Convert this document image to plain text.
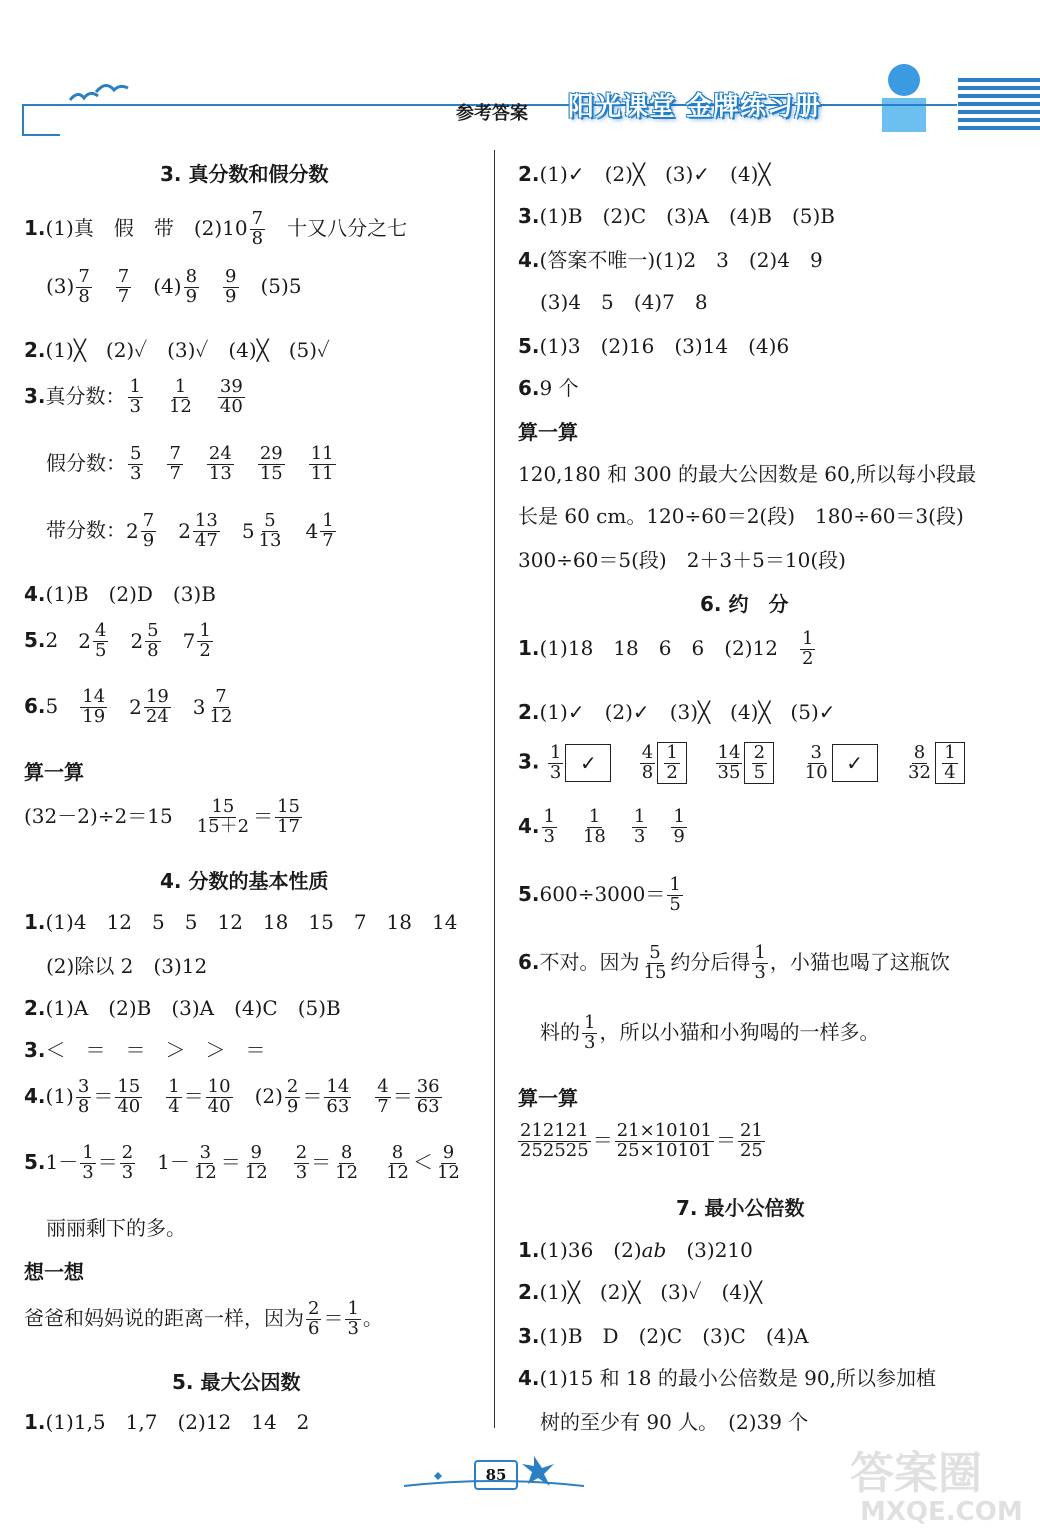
参考答案 阳光课堂 金牌练习册
3. 真分数和假分数
1.(1)真　假　带　$(2)10 \frac{7}{8}$ 　十又八分之七
$(3) \frac{7}{8}$
　 $\frac{7}{7}$
　 $(4) \frac{8}{9}$
　 $\frac{9}{9}$
　 (5)5
2.(1)╳　(2)✓　(3)✓　(4)╳　(5)✓
3.真分数： $\frac{1}{3}$
　 $\frac{1}{12}$
　 $\frac{39}{40}$
假分数： $\frac{5}{3}$
　 $\frac{7}{7}$
　 $\frac{24}{13}$
　 $\frac{29}{15}$
　 $\frac{11}{11}$
带分数： $2 \frac{7}{9}$
　 $2 \frac{13}{47}$
　 $5 \frac{5}{13}$
　 $4 \frac{1}{7}$
4.(1)B　(2)D　(3)B
5.2　 $2 \frac{4}{5}$
　 $2 \frac{5}{8}$
　 $7 \frac{1}{2}$
6.5　 $\frac{14}{19}$
　 $2 \frac{19}{24}$
　 $3 \frac{7}{12}$
算一算
(32－2)÷2＝15　 $\frac{15}{15+2} = \frac{15}{17}$
4. 分数的基本性质
1.(1)4　12　5　5　12　18　15　7　18　14
(2)除以 2　(3)12
2.(1)A　(2)B　(3)A　(4)C　(5)B
3.＜　＝　＝　＞　＞　＝
$4.(1) \frac{3}{8} = \frac{15}{40}$
　 $\frac{1}{4} = \frac{10}{40}$
　 $(2) \frac{2}{9} = \frac{14}{63}$
　 $\frac{4}{7} = \frac{36}{63}$
$5.1- \frac{1}{3} = \frac{2}{3}$
　 $1- \frac{3}{12} = \frac{9}{12}$
　 $\frac{2}{3} = \frac{8}{12}$
　 $\frac{8}{12} < \frac{9}{12}$
丽丽剩下的多。
想一想
爸爸和妈妈说的距离一样，因为 $\frac{2}{6} = \frac{1}{3}$ 。
5. 最大公因数
1.(1)1,5　1,7　(2)12　14　2
2.(1)✓　(2)╳　(3)✓　(4)╳
3.(1)B　(2)C　(3)A　(4)B　(5)B
4.(答案不唯一)(1)2　3　(2)4　9
(3)4　5　(4)7　8
5.(1)3　(2)16　(3)14　(4)6
6.9 个
算一算
120,180 和 300 的最大公因数是 60,所以每小段最
长是 60 cm。120÷60＝2(段)　180÷60＝3(段)
300÷60＝5(段)　2＋3＋5＝10(段)
6. 约　分
1.(1)18　18　6　6　(2)12　 $\frac{1}{2}$
2.(1)✓　(2)✓　(3)╳　(4)╳　(5)✓
3. $\frac{1}{3}$ ✓ 　 $\frac{4}{8} \frac{1}{2}$
　 $\frac{14}{35} \frac{2}{5}$
　 $\frac{3}{10}$ ✓ 　 $\frac{8}{32} \frac{1}{4}$
4. $\frac{1}{3}$
　 $\frac{1}{18}$
　 $\frac{1}{3}$
　 $\frac{1}{9}$
$5.600\div 3000= \frac{1}{5}$
6.不对。因为 $\frac{5}{15}$ 约分后得 $\frac{1}{3}$ ，小猫也喝了这瓶饮
料的 $\frac{1}{3}$ ，所以小猫和小狗喝的一样多。
算一算
$\frac{212121}{252525} = \frac{21\times 10101}{25\times 10101} = \frac{21}{25}$
7. 最小公倍数
1.(1)36　(2)ab　(3)210
2.(1)╳　(2)╳　(3)✓　(4)╳
3.(1)B　D　(2)C　(3)C　(4)A
4.(1)15 和 18 的最小公倍数是 90,所以参加植
树的至少有 90 人。　(2)39 个
85	答案圈
MXQE.COM
